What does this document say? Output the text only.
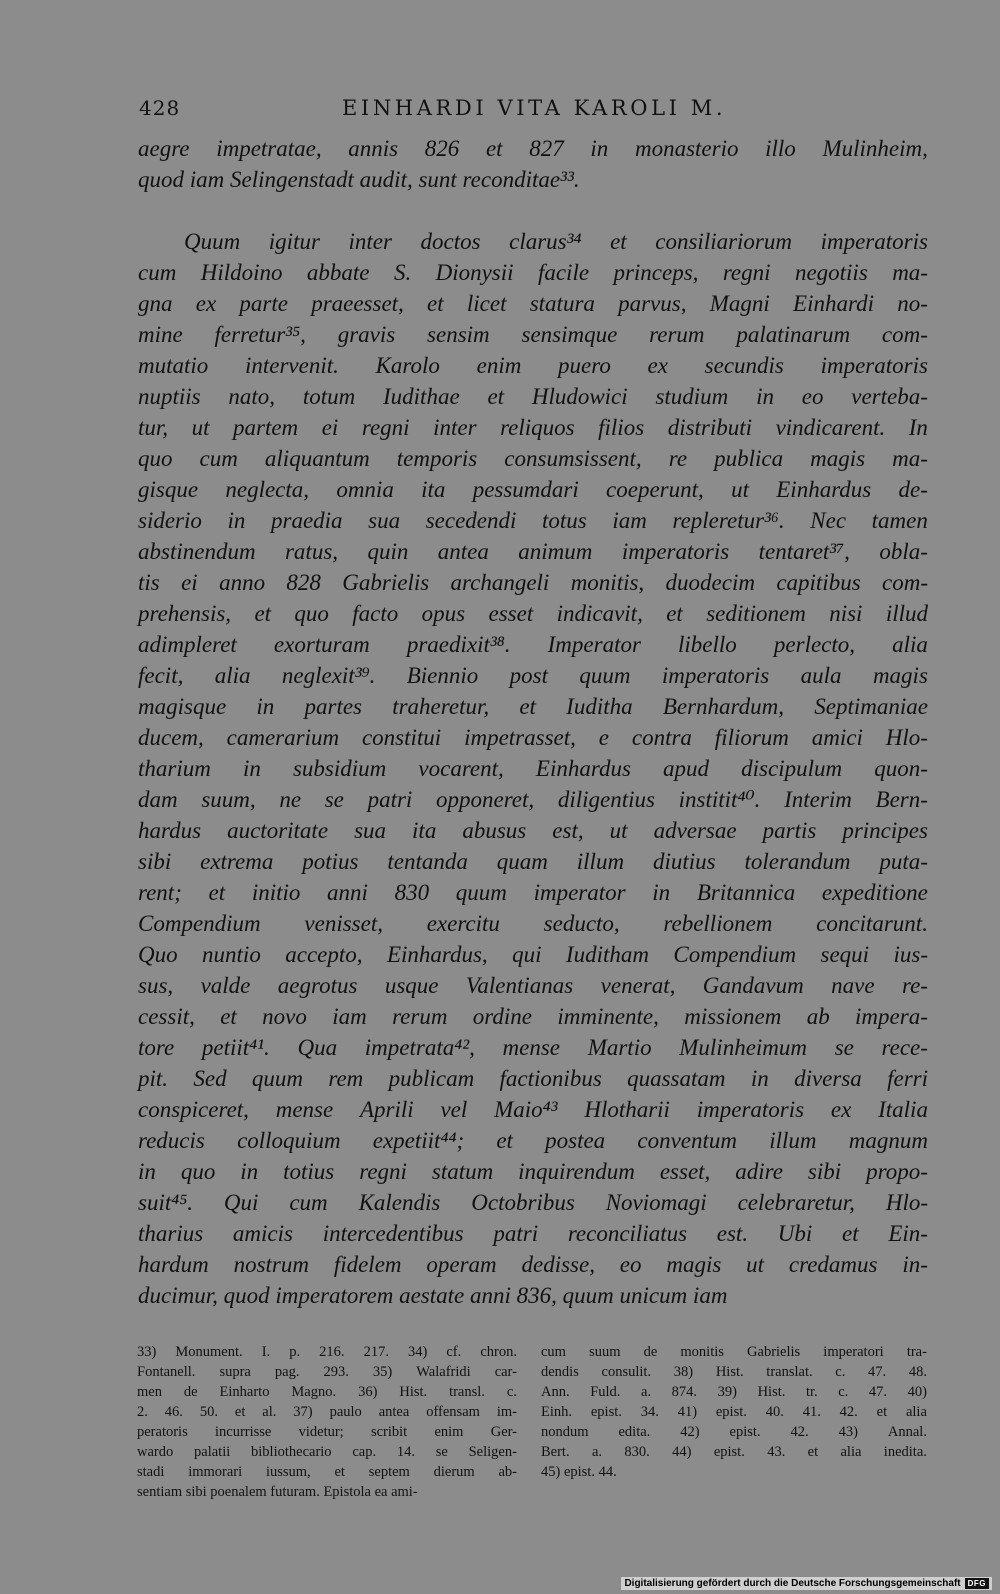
428	EINHARDI VITA KAROLI M.
aegre impetratae, annis 826 et 827 in monasterio illo Mulinheim,
quod iam Selingenstadt audit, sunt reconditae³³.
Quum igitur inter doctos clarus³⁴ et consiliariorum imperatoris
cum Hildoino abbate S. Dionysii facile princeps, regni negotiis ma-
gna ex parte praeesset, et licet statura parvus, Magni Einhardi no-
mine ferretur³⁵, gravis sensim sensimque rerum palatinarum com-
mutatio intervenit. Karolo enim puero ex secundis imperatoris
nuptiis nato, totum Iudithae et Hludowici studium in eo verteba-
tur, ut partem ei regni inter reliquos filios distributi vindicarent. In
quo cum aliquantum temporis consumsissent, re publica magis ma-
gisque neglecta, omnia ita pessumdari coeperunt, ut Einhardus de-
siderio in praedia sua secedendi totus iam repleretur³⁶. Nec tamen
abstinendum ratus, quin antea animum imperatoris tentaret³⁷, obla-
tis ei anno 828 Gabrielis archangeli monitis, duodecim capitibus com-
prehensis, et quo facto opus esset indicavit, et seditionem nisi illud
adimpleret exorturam praedixit³⁸. Imperator libello perlecto, alia
fecit, alia neglexit³⁹. Biennio post quum imperatoris aula magis
magisque in partes traheretur, et Iuditha Bernhardum, Septimaniae
ducem, camerarium constitui impetrasset, e contra filiorum amici Hlo-
tharium in subsidium vocarent, Einhardus apud discipulum quon-
dam suum, ne se patri opponeret, diligentius institit⁴⁰. Interim Bern-
hardus auctoritate sua ita abusus est, ut adversae partis principes
sibi extrema potius tentanda quam illum diutius tolerandum puta-
rent; et initio anni 830 quum imperator in Britannica expeditione
Compendium venisset, exercitu seducto, rebellionem concitarunt.
Quo nuntio accepto, Einhardus, qui Iuditham Compendium sequi ius-
sus, valde aegrotus usque Valentianas venerat, Gandavum nave re-
cessit, et novo iam rerum ordine imminente, missionem ab impera-
tore petiit⁴¹. Qua impetrata⁴², mense Martio Mulinheimum se rece-
pit. Sed quum rem publicam factionibus quassatam in diversa ferri
conspiceret, mense Aprili vel Maio⁴³ Hlotharii imperatoris ex Italia
reducis colloquium expetiit⁴⁴; et postea conventum illum magnum
in quo in totius regni statum inquirendum esset, adire sibi propo-
suit⁴⁵. Qui cum Kalendis Octobribus Noviomagi celebraretur, Hlo-
tharius amicis intercedentibus patri reconciliatus est. Ubi et Ein-
hardum nostrum fidelem operam dedisse, eo magis ut credamus in-
ducimur, quod imperatorem aestate anni 836, quum unicum iam
33) Monument. I. p. 216. 217. 34) cf. chron.
Fontanell. supra pag. 293. 35) Walafridi car-
men de Einharto Magno. 36) Hist. transl. c.
2. 46. 50. et al. 37) paulo antea offensam im-
peratoris incurrisse videtur; scribit enim Ger-
wardo palatii bibliothecario cap. 14. se Seligen-
stadi immorari iussum, et septem dierum ab-
sentiam sibi poenalem futuram. Epistola ea ami-
cum suum de monitis Gabrielis imperatori tra-
dendis consulit. 38) Hist. translat. c. 47. 48.
Ann. Fuld. a. 874. 39) Hist. tr. c. 47. 40)
Einh. epist. 34. 41) epist. 40. 41. 42. et alia
nondum edita. 42) epist. 42. 43) Annal.
Bert. a. 830. 44) epist. 43. et alia inedita.
45) epist. 44.
Digitalisierung gefördert durch die Deutsche Forschungsgemeinschaft DFG
